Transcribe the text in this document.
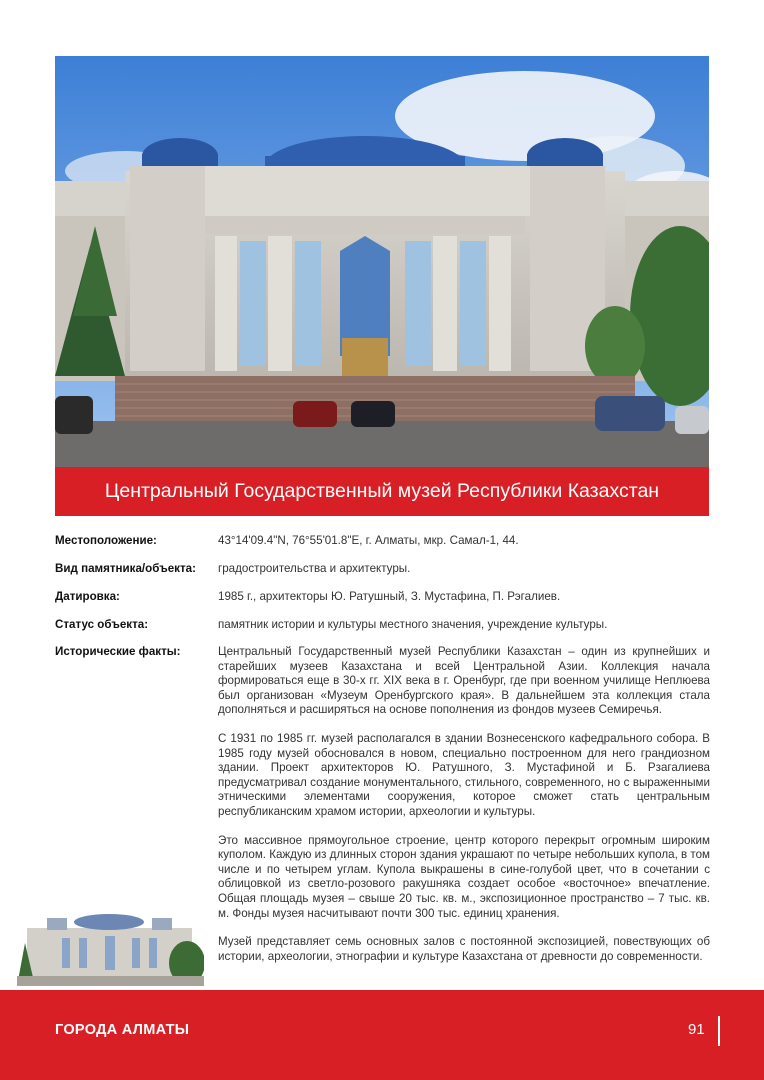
Центральный Государственный музей Республики Казахстан
Местоположение:	43°14'09.4"N, 76°55'01.8"E, г. Алматы, мкр. Самал-1, 44.
Вид памятника/объекта:	градостроительства и архитектуры.
Датировка:	1985 г., архитекторы Ю. Ратушный, З. Мустафина, П. Рэгалиев.
Статус объекта:	памятник истории и культуры местного значения, учреждение культуры.
Исторические факты:	Центральный Государственный музей Республики Казахстан – один из крупнейших и старейших музеев Казахстана и всей Центральной Азии. Коллекция начала формироваться еще в 30-х гг. XIX века в г. Оренбург, где при военном училище Неплюева был организован «Музеум Оренбургского края». В дальнейшем эта коллекция стала дополняться и расширяться на основе пополнения из фондов музеев Семиречья.

С 1931 по 1985 гг. музей располагался в здании Вознесенского кафедрального собора. В 1985 году музей обосновался в новом, специально построенном для него грандиозном здании. Проект архитекторов Ю. Ратушного, З. Мустафиной и Б. Рзагалиева предусматривал создание монументального, стильного, современного, но с выраженными этническими элементами сооружения, которое сможет стать центральным республиканским храмом истории, археологии и культуры.

Это массивное прямоугольное строение, центр которого перекрыт огромным широким куполом. Каждую из длинных сторон здания украшают по четыре небольших купола, в том числе и по четырем углам. Купола выкрашены в сине-голубой цвет, что в сочетании с облицовкой из светло-розового ракушняка создает особое «восточное» впечатление. Общая площадь музея – свыше 20 тыс. кв. м., экспозиционное пространство – 7 тыс. кв. м. Фонды музея насчитывают почти 300 тыс. единиц хранения.

Музей представляет семь основных залов с постоянной экспозицией, повествующих об истории, археологии, этнографии и культуре Казахстана от древности до современности.

ГОРОДА АЛМАТЫ	91
